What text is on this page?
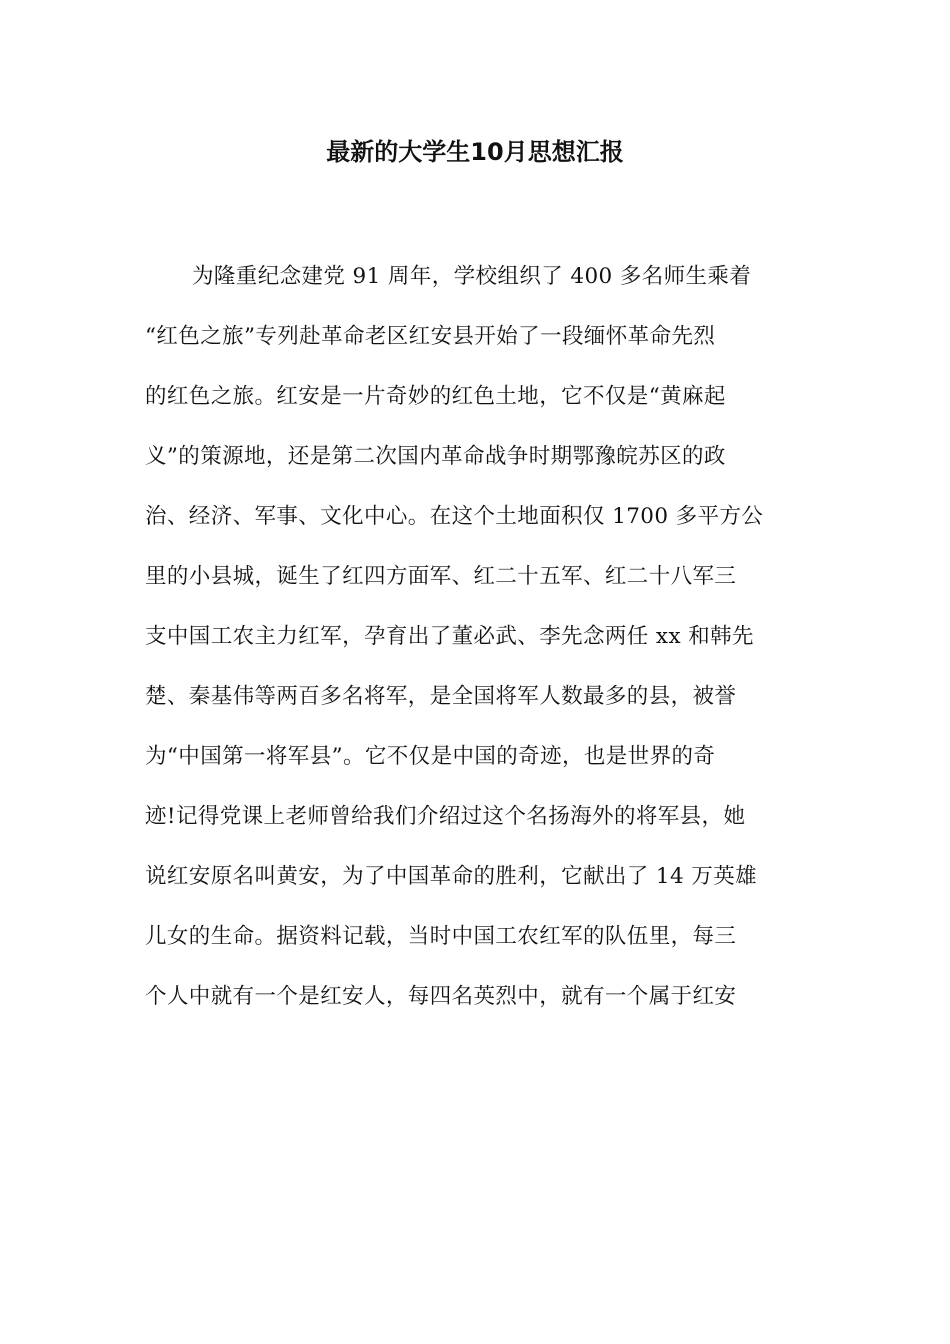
最新的大学生10月思想汇报
为隆重纪念建党 91 周年，学校组织了 400 多名师生乘着
“红色之旅”专列赴革命老区红安县开始了一段缅怀革命先烈
的红色之旅。红安是一片奇妙的红色土地，它不仅是“黄麻起
义”的策源地，还是第二次国内革命战争时期鄂豫皖苏区的政
治、经济、军事、文化中心。在这个土地面积仅 1700 多平方公
里的小县城，诞生了红四方面军、红二十五军、红二十八军三
支中国工农主力红军，孕育出了董必武、李先念两任 xx 和韩先
楚、秦基伟等两百多名将军，是全国将军人数最多的县，被誉
为“中国第一将军县”。它不仅是中国的奇迹，也是世界的奇
迹!记得党课上老师曾给我们介绍过这个名扬海外的将军县，她
说红安原名叫黄安，为了中国革命的胜利，它献出了 14 万英雄
儿女的生命。据资料记载，当时中国工农红军的队伍里，每三
个人中就有一个是红安人，每四名英烈中，就有一个属于红安
